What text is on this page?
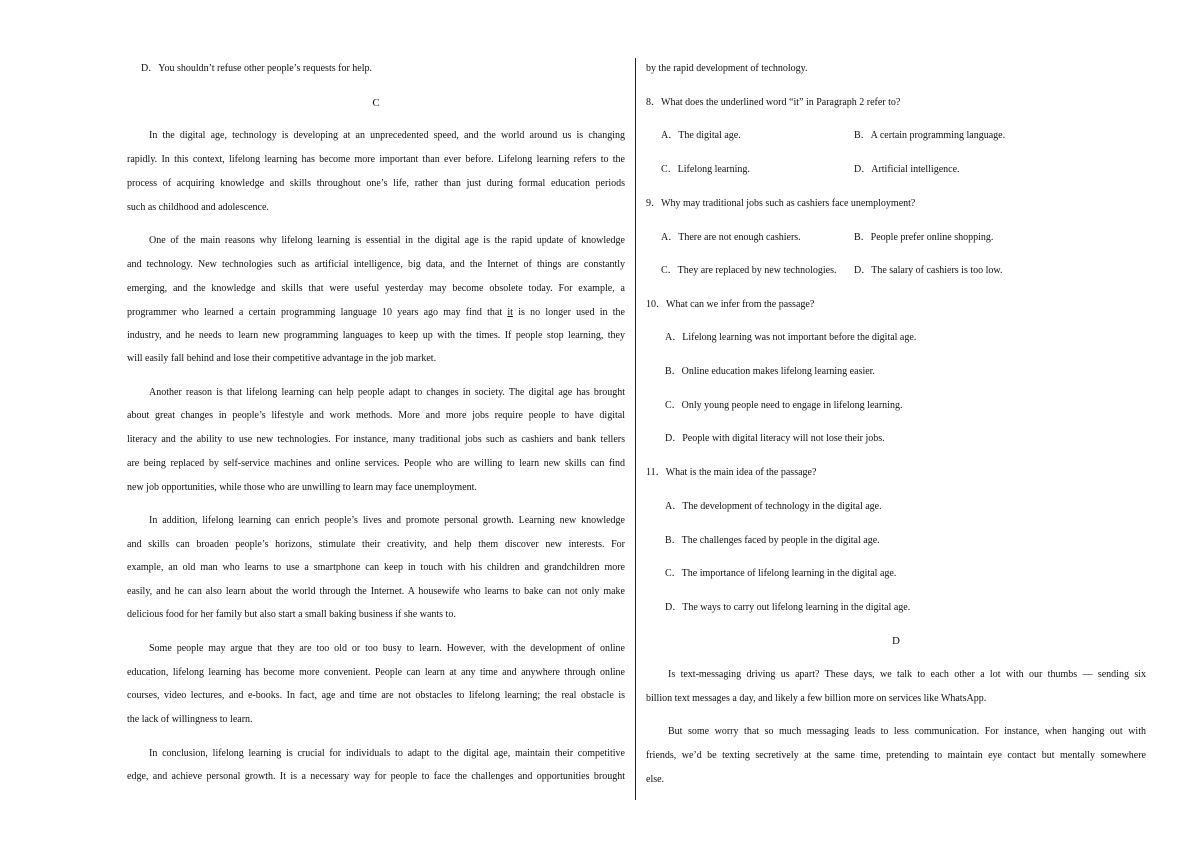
D．You shouldn’t refuse other people’s requests for help.
C
In the digital age, technology is developing at an unprecedented speed, and the world around us is changing
rapidly. In this context, lifelong learning has become more important than ever before. Lifelong learning refers to the
process of acquiring knowledge and skills throughout one’s life, rather than just during formal education periods
such as childhood and adolescence.
One of the main reasons why lifelong learning is essential in the digital age is the rapid update of knowledge
and technology. New technologies such as artificial intelligence, big data, and the Internet of things are constantly
emerging, and the knowledge and skills that were useful yesterday may become obsolete today. For example, a
programmer who learned a certain programming language 10 years ago may find that it is no longer used in the
industry, and he needs to learn new programming languages to keep up with the times. If people stop learning, they
will easily fall behind and lose their competitive advantage in the job market.
Another reason is that lifelong learning can help people adapt to changes in society. The digital age has brought
about great changes in people’s lifestyle and work methods. More and more jobs require people to have digital
literacy and the ability to use new technologies. For instance, many traditional jobs such as cashiers and bank tellers
are being replaced by self-service machines and online services. People who are willing to learn new skills can find
new job opportunities, while those who are unwilling to learn may face unemployment.
In addition, lifelong learning can enrich people’s lives and promote personal growth. Learning new knowledge
and skills can broaden people’s horizons, stimulate their creativity, and help them discover new interests. For
example, an old man who learns to use a smartphone can keep in touch with his children and grandchildren more
easily, and he can also learn about the world through the Internet. A housewife who learns to bake can not only make
delicious food for her family but also start a small baking business if she wants to.
Some people may argue that they are too old or too busy to learn. However, with the development of online
education, lifelong learning has become more convenient. People can learn at any time and anywhere through online
courses, video lectures, and e-books. In fact, age and time are not obstacles to lifelong learning; the real obstacle is
the lack of willingness to learn.
In conclusion, lifelong learning is crucial for individuals to adapt to the digital age, maintain their competitive
edge, and achieve personal growth. It is a necessary way for people to face the challenges and opportunities brought
by the rapid development of technology.
8．What does the underlined word “it” in Paragraph 2 refer to?
A．The digital age.	B．A certain programming language.
C．Lifelong learning.	D．Artificial intelligence.
9．Why may traditional jobs such as cashiers face unemployment?
A．There are not enough cashiers.	B．People prefer online shopping.
C．They are replaced by new technologies. D．The salary of cashiers is too low.
10．What can we infer from the passage?
A．Lifelong learning was not important before the digital age.
B．Online education makes lifelong learning easier.
C．Only young people need to engage in lifelong learning.
D．People with digital literacy will not lose their jobs.
11．What is the main idea of the passage?
A．The development of technology in the digital age.
B．The challenges faced by people in the digital age.
C．The importance of lifelong learning in the digital age.
D．The ways to carry out lifelong learning in the digital age.
D
Is text-messaging driving us apart? These days, we talk to each other a lot with our thumbs — sending six
billion text messages a day, and likely a few billion more on services like WhatsApp.
But some worry that so much messaging leads to less communication. For instance, when hanging out with
friends, we’d be texting secretively at the same time, pretending to maintain eye contact but mentally somewhere
else.
